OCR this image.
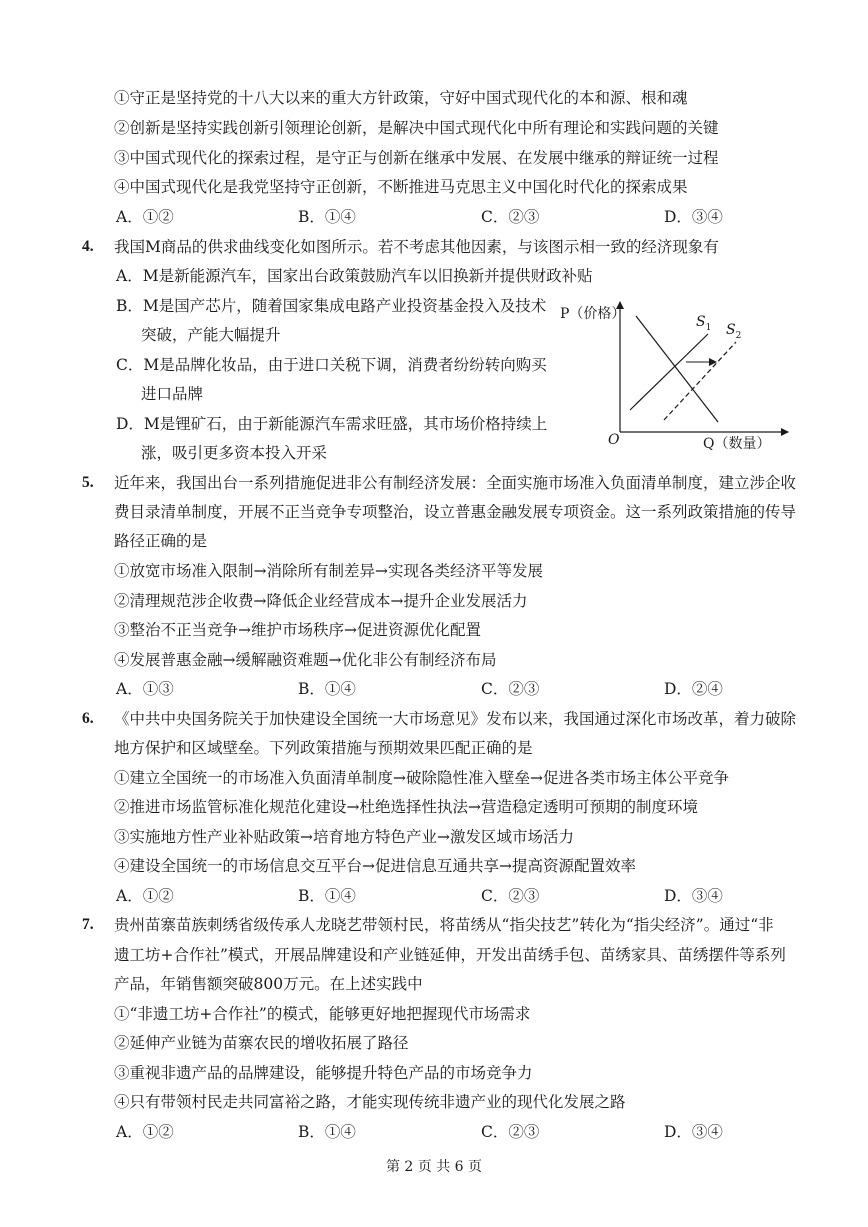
①守正是坚持党的十八大以来的重大方针政策，守好中国式现代化的本和源、根和魂
②创新是坚持实践创新引领理论创新，是解决中国式现代化中所有理论和实践问题的关键
③中国式现代化的探索过程，是守正与创新在继承中发展、在发展中继承的辩证统一过程
④中国式现代化是我党坚持守正创新，不断推进马克思主义中国化时代化的探索成果
A．①②	B．①④	C．②③	D．③④
4. 我国M商品的供求曲线变化如图所示。若不考虑其他因素，与该图示相一致的经济现象有
A．M是新能源汽车，国家出台政策鼓励汽车以旧换新并提供财政补贴
B．M是国产芯片，随着国家集成电路产业投资基金投入及技术
突破，产能大幅提升
C．M是品牌化妆品，由于进口关税下调，消费者纷纷转向购买
进口品牌
D．M是锂矿石，由于新能源汽车需求旺盛，其市场价格持续上
涨，吸引更多资本投入开采
P（价格）
Q（数量）
O
$S_1$ $S_2$
5. 近年来，我国出台一系列措施促进非公有制经济发展：全面实施市场准入负面清单制度，建立涉企收
费目录清单制度，开展不正当竞争专项整治，设立普惠金融发展专项资金。这一系列政策措施的传导
路径正确的是
①放宽市场准入限制→消除所有制差异→实现各类经济平等发展
②清理规范涉企收费→降低企业经营成本→提升企业发展活力
③整治不正当竞争→维护市场秩序→促进资源优化配置
④发展普惠金融→缓解融资难题→优化非公有制经济布局
A．①③	B．①④	C．②③	D．②④
6. 《中共中央国务院关于加快建设全国统一大市场意见》发布以来，我国通过深化市场改革，着力破除
地方保护和区域壁垒。下列政策措施与预期效果匹配正确的是
①建立全国统一的市场准入负面清单制度→破除隐性准入壁垒→促进各类市场主体公平竞争
②推进市场监管标准化规范化建设→杜绝选择性执法→营造稳定透明可预期的制度环境
③实施地方性产业补贴政策→培育地方特色产业→激发区域市场活力
④建设全国统一的市场信息交互平台→促进信息互通共享→提高资源配置效率
A．①②	B．①④	C．②③	D．③④
7. 贵州苗寨苗族刺绣省级传承人龙晓艺带领村民，将苗绣从“指尖技艺”转化为“指尖经济”。通过“非
遗工坊+合作社”模式，开展品牌建设和产业链延伸，开发出苗绣手包、苗绣家具、苗绣摆件等系列
产品，年销售额突破800万元。在上述实践中
①“非遗工坊+合作社”的模式，能够更好地把握现代市场需求
②延伸产业链为苗寨农民的增收拓展了路径
③重视非遗产品的品牌建设，能够提升特色产品的市场竞争力
④只有带领村民走共同富裕之路，才能实现传统非遗产业的现代化发展之路
A．①②	B．①④	C．②③	D．③④
第 2 页 共 6 页
